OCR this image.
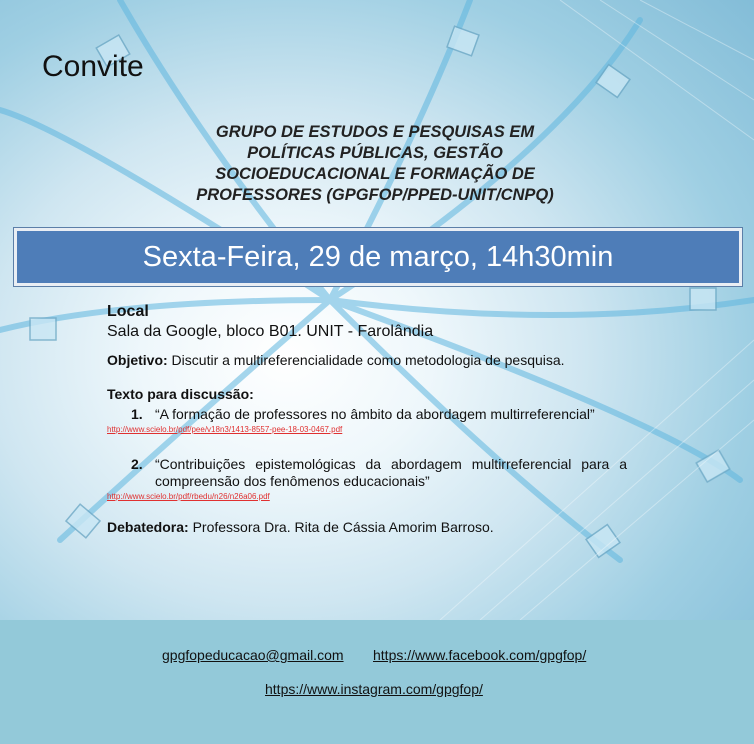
Convite
GRUPO DE ESTUDOS E PESQUISAS EM
POLÍTICAS PÚBLICAS, GESTÃO
SOCIOEDUCACIONAL E FORMAÇÃO DE
PROFESSORES (GPGFOP/PPED-UNIT/CNPQ)
Sexta-Feira, 29 de março, 14h30min
Local
Sala da Google, bloco B01. UNIT - Farolândia
Objetivo: Discutir a multireferencialidade como metodologia de pesquisa.
Texto para discussão:
1. “A formação de professores no âmbito da abordagem multirreferencial”
http://www.scielo.br/pdf/pee/v18n3/1413-8557-pee-18-03-0467.pdf
2. “Contribuições epistemológicas da abordagem multirreferencial para a compreensão dos fenômenos educacionais”
http://www.scielo.br/pdf/rbedu/n26/n26a06.pdf
Debatedora: Professora Dra. Rita de Cássia Amorim Barroso.
gpgfopeducacao@gmail.com https://www.facebook.com/gpgfop/
https://www.instagram.com/gpgfop/
